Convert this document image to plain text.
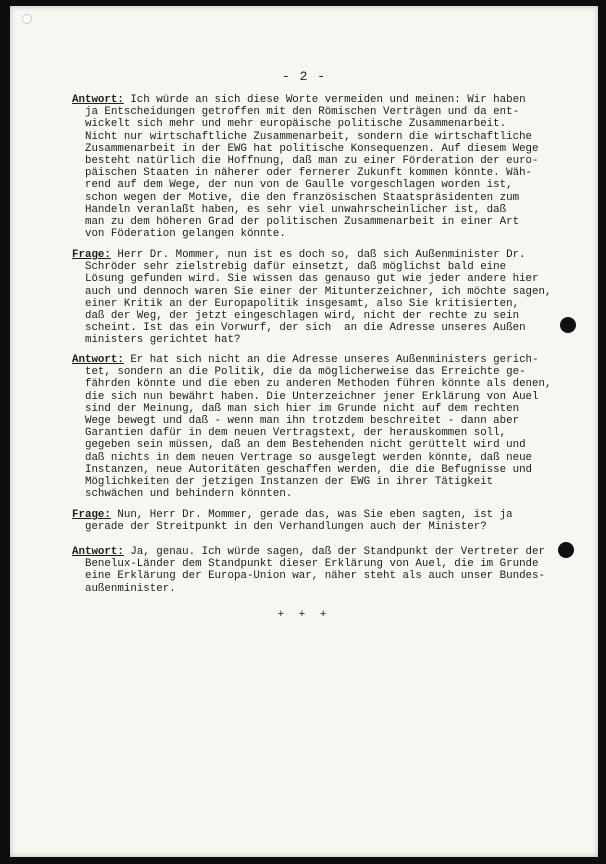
- 2 -
Antwort: Ich würde an sich diese Worte vermeiden und meinen: Wir haben
ja Entscheidungen getroffen mit den Römischen Verträgen und da ent-
wickelt sich mehr und mehr europäische politische Zusammenarbeit.
Nicht nur wirtschaftliche Zusammenarbeit, sondern die wirtschaftliche
Zusammenarbeit in der EWG hat politische Konsequenzen. Auf diesem Wege
besteht natürlich die Hoffnung, daß man zu einer Förderation der euro-
päischen Staaten in näherer oder fernerer Zukunft kommen könnte. Wäh-
rend auf dem Wege, der nun von de Gaulle vorgeschlagen worden ist,
schon wegen der Motive, die den französischen Staatspräsidenten zum
Handeln veranlaßt haben, es sehr viel unwahrscheinlicher ist, daß
man zu dem höheren Grad der politischen Zusammenarbeit in einer Art
von Föderation gelangen könnte.
Frage: Herr Dr. Mommer, nun ist es doch so, daß sich Außenminister Dr.
Schröder sehr zielstrebig dafür einsetzt, daß möglichst bald eine
Lösung gefunden wird. Sie wissen das genauso gut wie jeder andere hier
auch und dennoch waren Sie einer der Mitunterzeichner, ich möchte sagen,
einer Kritik an der Europapolitik insgesamt, also Sie kritisierten,
daß der Weg, der jetzt eingeschlagen wird, nicht der rechte zu sein
scheint. Ist das ein Vorwurf, der sich  an die Adresse unseres Außen
ministers gerichtet hat?
Antwort: Er hat sich nicht an die Adresse unseres Außenministers gerich-
tet, sondern an die Politik, die da möglicherweise das Erreichte ge-
fährden könnte und die eben zu anderen Methoden führen könnte als denen,
die sich nun bewährt haben. Die Unterzeichner jener Erklärung von Auel
sind der Meinung, daß man sich hier im Grunde nicht auf dem rechten
Wege bewegt und daß - wenn man ihn trotzdem beschreitet - dann aber
Garantien dafür in dem neuen Vertragstext, der herauskommen soll,
gegeben sein müssen, daß an dem Bestehenden nicht gerüttelt wird und
daß nichts in dem neuen Vertrage so ausgelegt werden könnte, daß neue
Instanzen, neue Autoritäten geschaffen werden, die die Befugnisse und
Möglichkeiten der jetzigen Instanzen der EWG in ihrer Tätigkeit
schwächen und behindern könnten.
Frage: Nun, Herr Dr. Mommer, gerade das, was Sie eben sagten, ist ja
gerade der Streitpunkt in den Verhandlungen auch der Minister?
Antwort: Ja, genau. Ich würde sagen, daß der Standpunkt der Vertreter der
Benelux-Länder dem Standpunkt dieser Erklärung von Auel, die im Grunde
eine Erklärung der Europa-Union war, näher steht als auch unser Bundes-
außenminister.
+ + +
